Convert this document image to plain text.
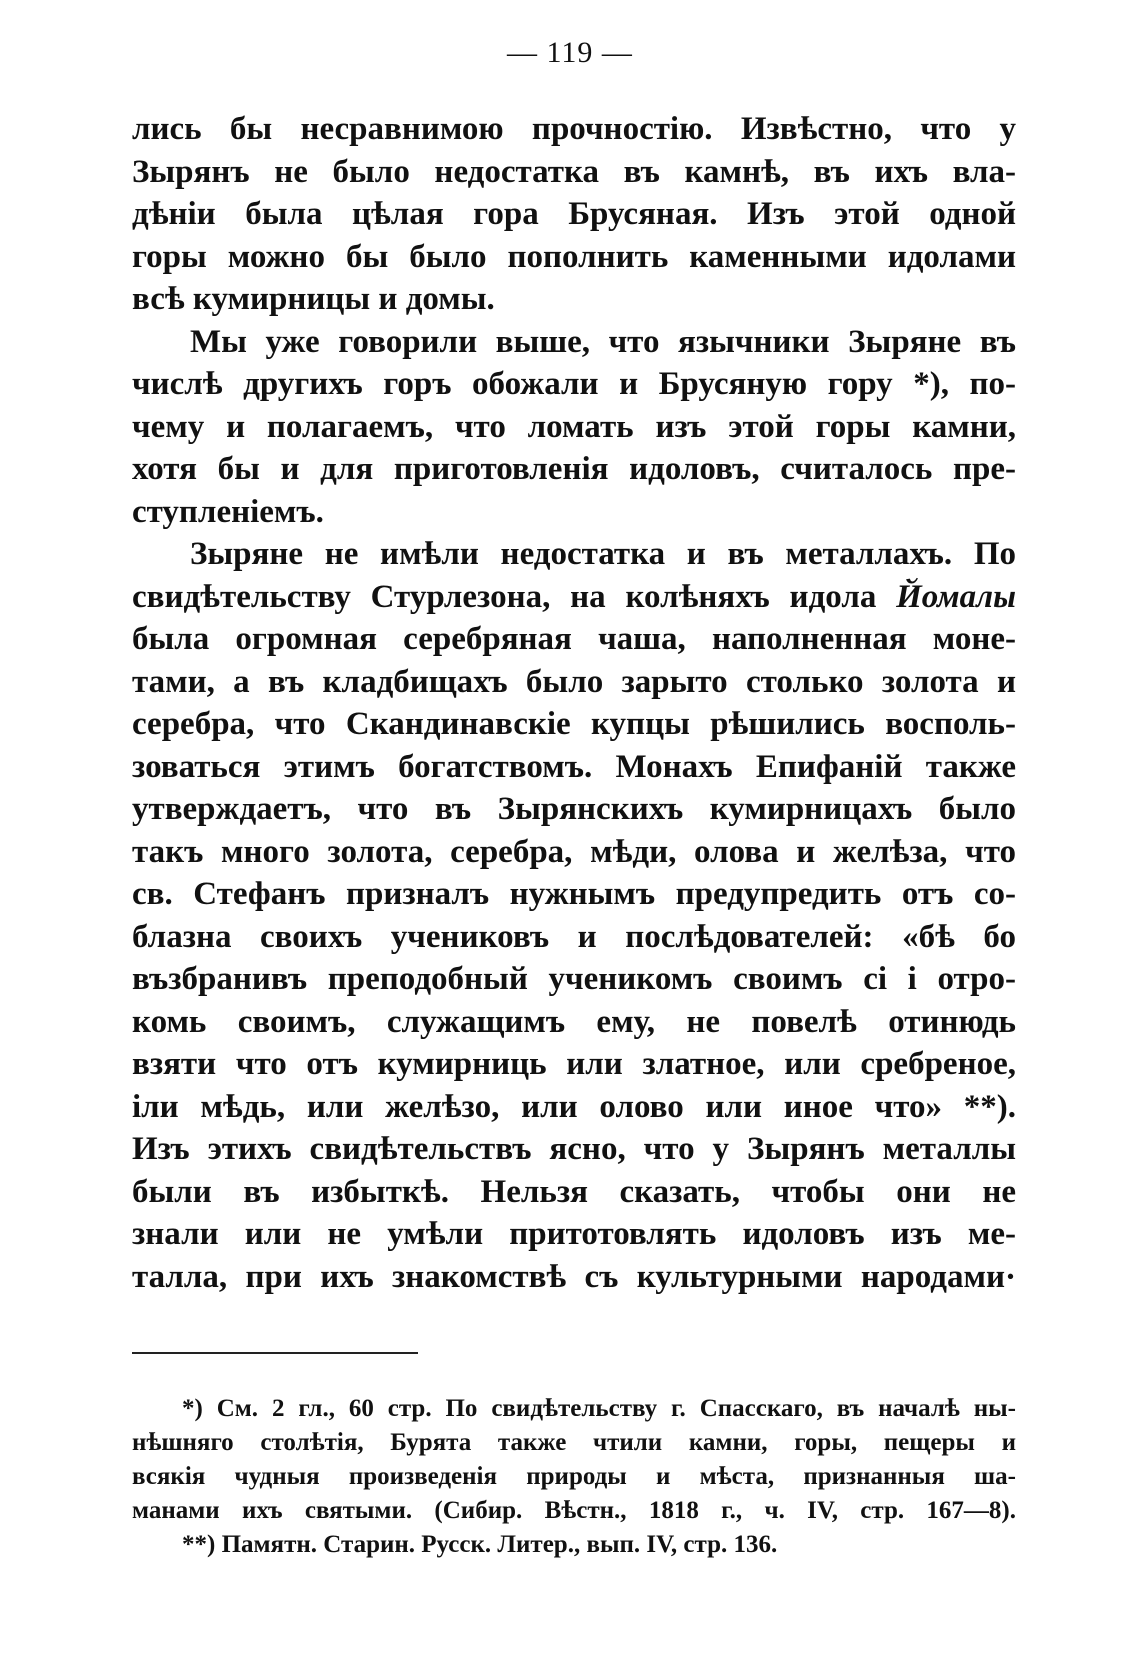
— 119 —
лись бы несравнимою прочностію. Извѣстно, что у
Зырянъ не было недостатка въ камнѣ, въ ихъ вла-
дѣніи была цѣлая гора Брусяная. Изъ этой одной
горы можно бы было пополнить каменными идолами
всѣ кумирницы и домы.
Мы уже говорили выше, что язычники Зыряне въ
числѣ другихъ горъ обожали и Брусяную гору *), по-
чему и полагаемъ, что ломать изъ этой горы камни,
хотя бы и для приготовленія идоловъ, считалось пре-
ступленіемъ.
Зыряне не имѣли недостатка и въ металлахъ. По
свидѣтельству Стурлезона, на колѣняхъ идола Йомалы
была огромная серебряная чаша, наполненная моне-
тами, а въ кладбищахъ было зарыто столько золота и
серебра, что Скандинавскіе купцы рѣшились восполь-
зоваться этимъ богатствомъ. Монахъ Епифаній также
утверждаетъ, что въ Зырянскихъ кумирницахъ было
такъ много золота, серебра, мѣди, олова и желѣза, что
св. Стефанъ призналъ нужнымъ предупредить отъ со-
блазна своихъ учениковъ и послѣдователей: «бѣ бо
възбранивъ преподобный ученикомъ своимъ сі і отро-
комь своимъ, служащимъ ему, не повелѣ отинюдь
взяти что отъ кумирниць или златное, или сребреное,
іли мѣдь, или желѣзо, или олово или иное что» **).
Изъ этихъ свидѣтельствъ ясно, что у Зырянъ металлы
были въ избыткѣ. Нельзя сказать, чтобы они не
знали или не умѣли притотовлять идоловъ изъ ме-
талла, при ихъ знакомствѣ съ культурными народами·
*) См. 2 гл., 60 стр. По свидѣтельству г. Спасскаго, въ началѣ ны-
нѣшняго столѣтія, Бурята также чтили камни, горы, пещеры и
всякія чудныя произведенія природы и мѣста, признанныя ша-
манами ихъ святыми. (Сибир. Вѣстн., 1818 г., ч. IV, стр. 167—8).
**) Памятн. Старин. Русск. Литер., вып. IV, стр. 136.
